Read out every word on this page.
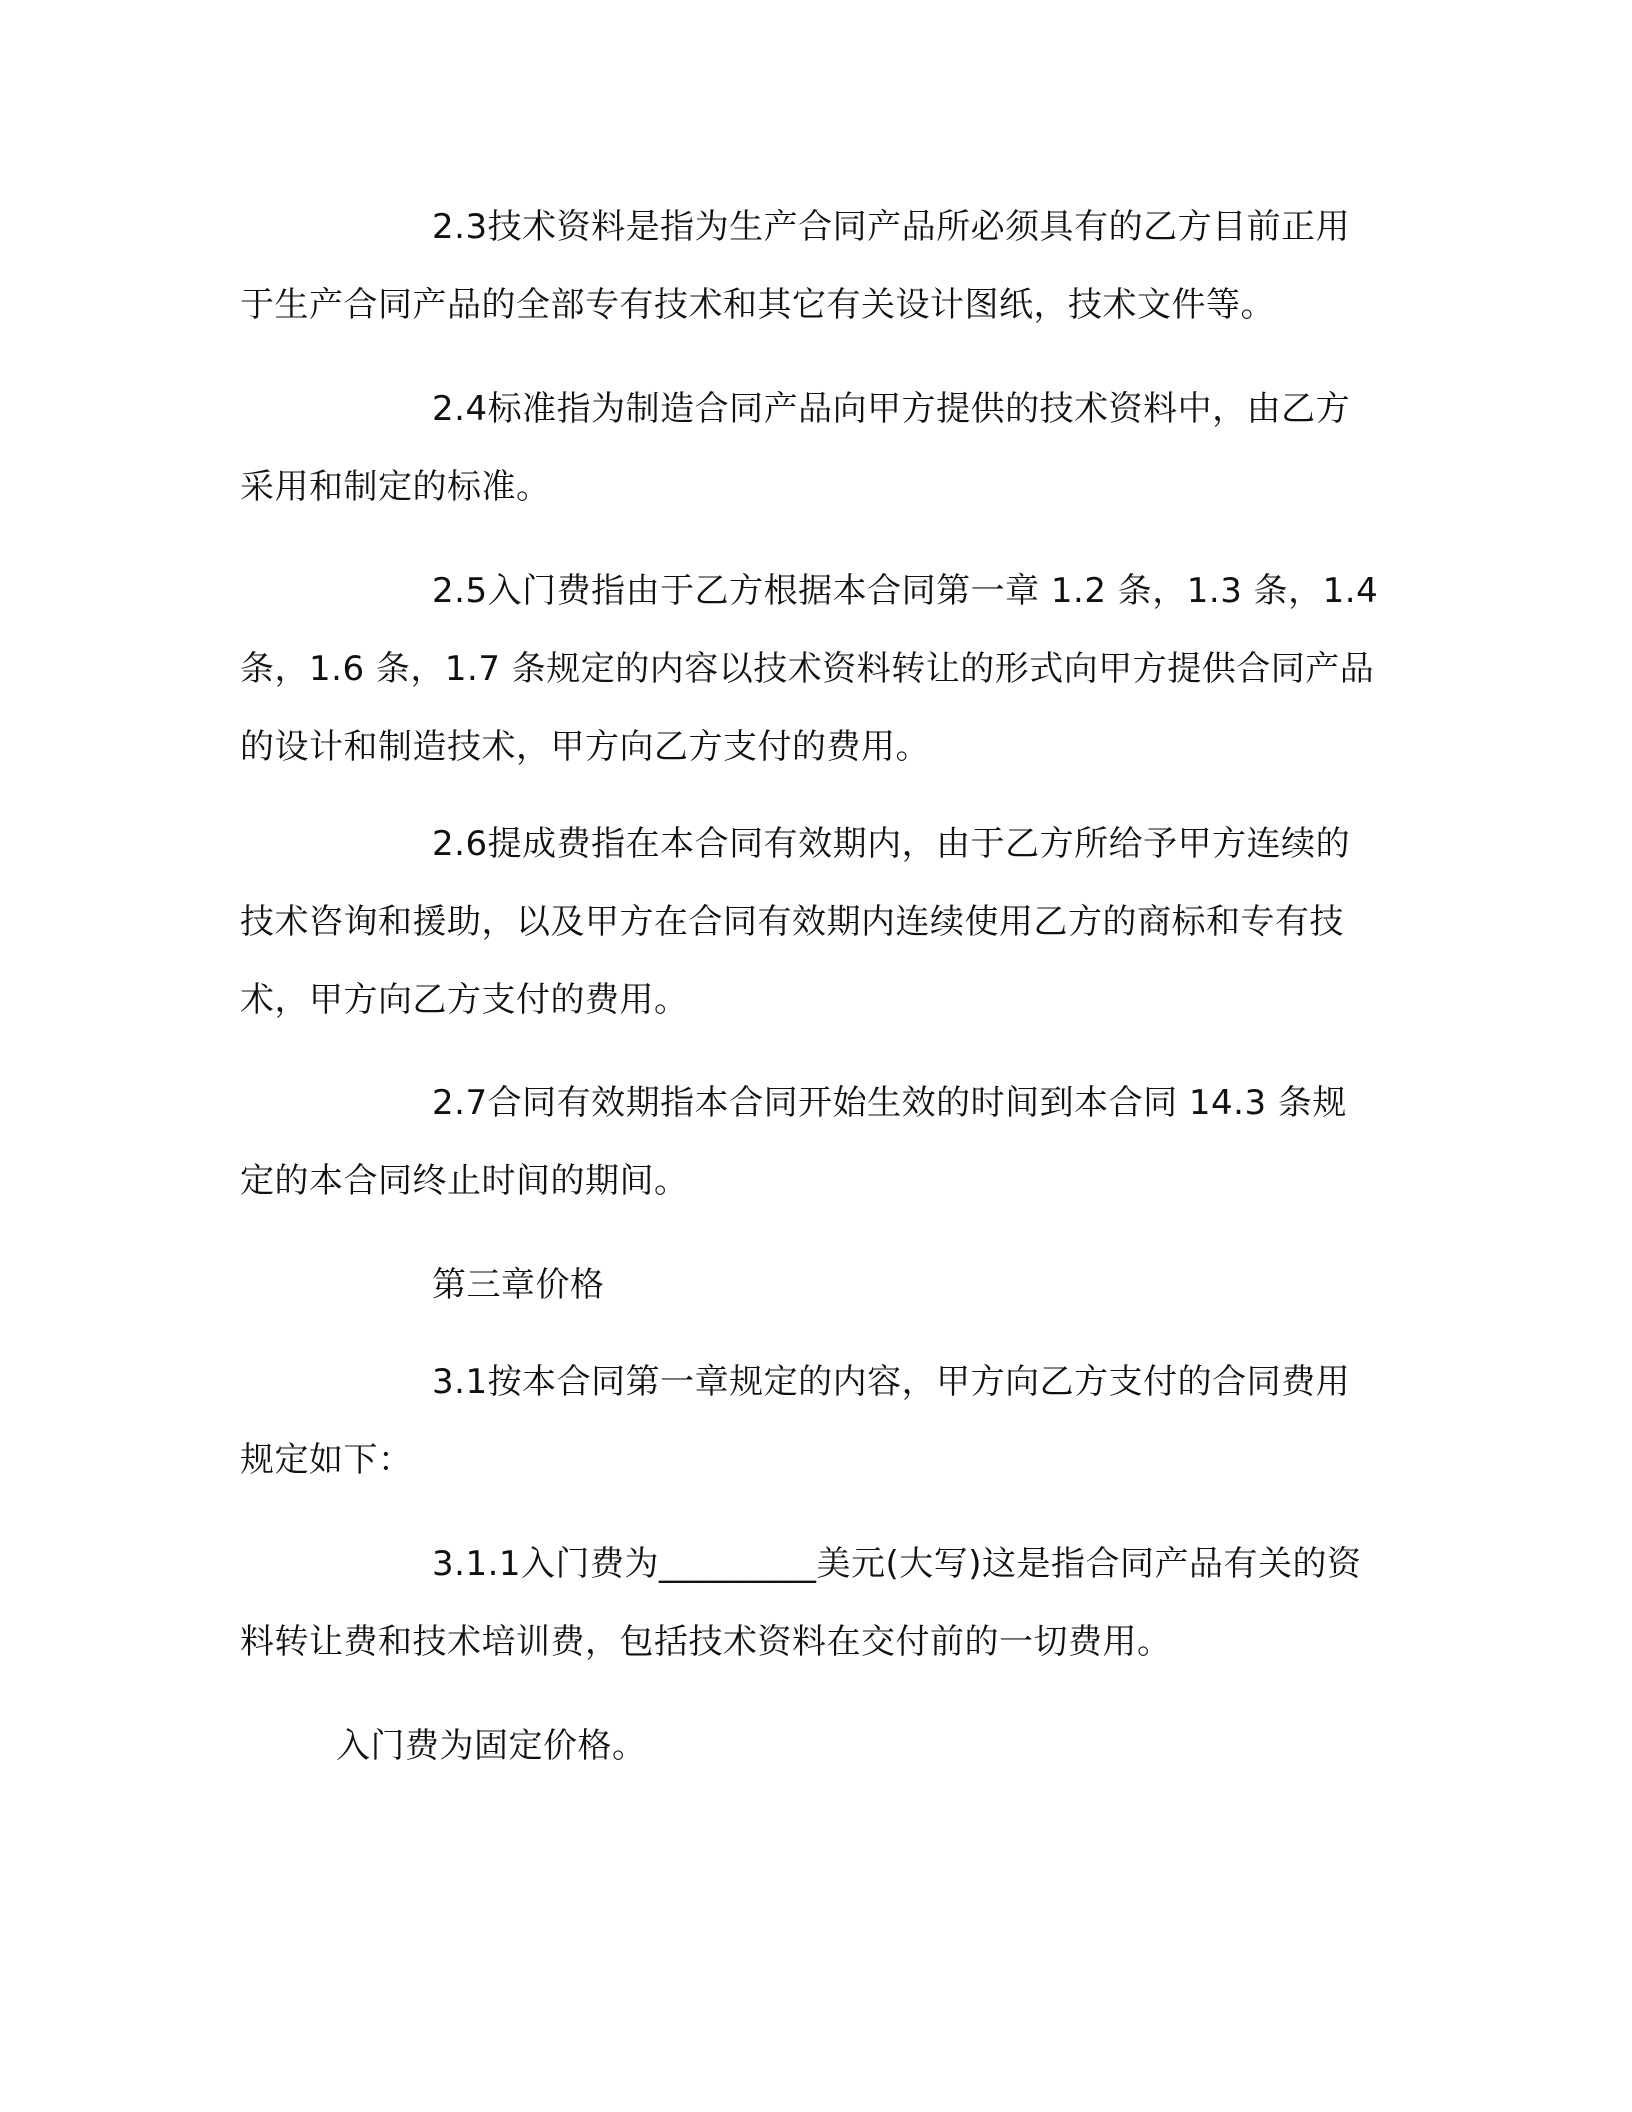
2.3技术资料是指为生产合同产品所必须具有的乙方目前正用于生产合同产品的全部专有技术和其它有关设计图纸，技术文件等。

2.4标准指为制造合同产品向甲方提供的技术资料中，由乙方采用和制定的标准。

2.5入门费指由于乙方根据本合同第一章 1.2 条，1.3 条，1.4 条，1.6 条，1.7 条规定的内容以技术资料转让的形式向甲方提供合同产品的设计和制造技术，甲方向乙方支付的费用。

2.6提成费指在本合同有效期内，由于乙方所给予甲方连续的技术咨询和援助，以及甲方在合同有效期内连续使用乙方的商标和专有技术，甲方向乙方支付的费用。

2.7合同有效期指本合同开始生效的时间到本合同 14.3 条规定的本合同终止时间的期间。

第三章价格

3.1按本合同第一章规定的内容，甲方向乙方支付的合同费用规定如下：

3.1.1入门费为_________美元(大写)这是指合同产品有关的资料转让费和技术培训费，包括技术资料在交付前的一切费用。

入门费为固定价格。
